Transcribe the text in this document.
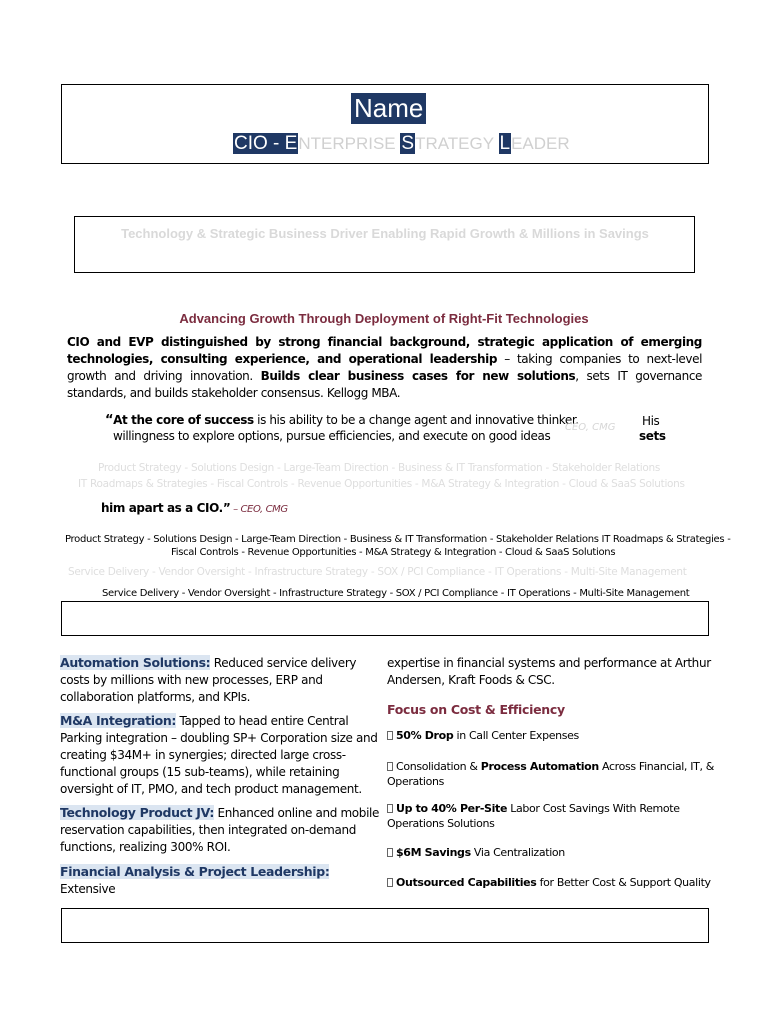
Name
CIO - ENTERPRISE STRATEGY LEADER
Technology & Strategic Business Driver Enabling Rapid Growth & Millions in Savings
Advancing Growth Through Deployment of Right-Fit Technologies
CIO and EVP distinguished by strong financial background, strategic application of emerging technologies, consulting experience, and operational leadership – taking companies to next-level growth and driving innovation. Builds clear business cases for new solutions, sets IT governance standards, and builds stakeholder consensus. Kellogg MBA.
“At the core of success is his ability to be a change agent and innovative thinker.
willingness to explore options, pursue efficiencies, and execute on good ideas
CEO, CMG His
sets
Product Strategy - Solutions Design - Large-Team Direction - Business & IT Transformation - Stakeholder Relations
IT Roadmaps & Strategies - Fiscal Controls - Revenue Opportunities - M&A Strategy & Integration - Cloud & SaaS Solutions
him apart as a CIO.” – CEO, CMG
Product Strategy - Solutions Design - Large-Team Direction - Business & IT Transformation - Stakeholder Relations IT Roadmaps & Strategies -
Fiscal Controls - Revenue Opportunities - M&A Strategy & Integration - Cloud & SaaS Solutions
Service Delivery - Vendor Oversight - Infrastructure Strategy - SOX / PCI Compliance - IT Operations - Multi-Site Management
Service Delivery - Vendor Oversight - Infrastructure Strategy - SOX / PCI Compliance - IT Operations - Multi-Site Management

Automation Solutions: Reduced service delivery costs by millions with new processes, ERP and collaboration platforms, and KPIs.

M&A Integration: Tapped to head entire Central Parking integration – doubling SP+ Corporation size and creating $34M+ in synergies; directed large cross-functional groups (15 sub-teams), while retaining oversight of IT, PMO, and tech product management.

Technology Product JV: Enhanced online and mobile reservation capabilities, then integrated on-demand functions, realizing 300% ROI.

Financial Analysis & Project Leadership: Extensive

expertise in financial systems and performance at Arthur Andersen, Kraft Foods & CSC.
Focus on Cost & Efficiency
50% Drop in Call Center Expenses
Consolidation & Process Automation Across Financial, IT, & Operations
Up to 40% Per-Site Labor Cost Savings With Remote Operations Solutions
$6M Savings Via Centralization
Outsourced Capabilities for Better Cost & Support Quality
